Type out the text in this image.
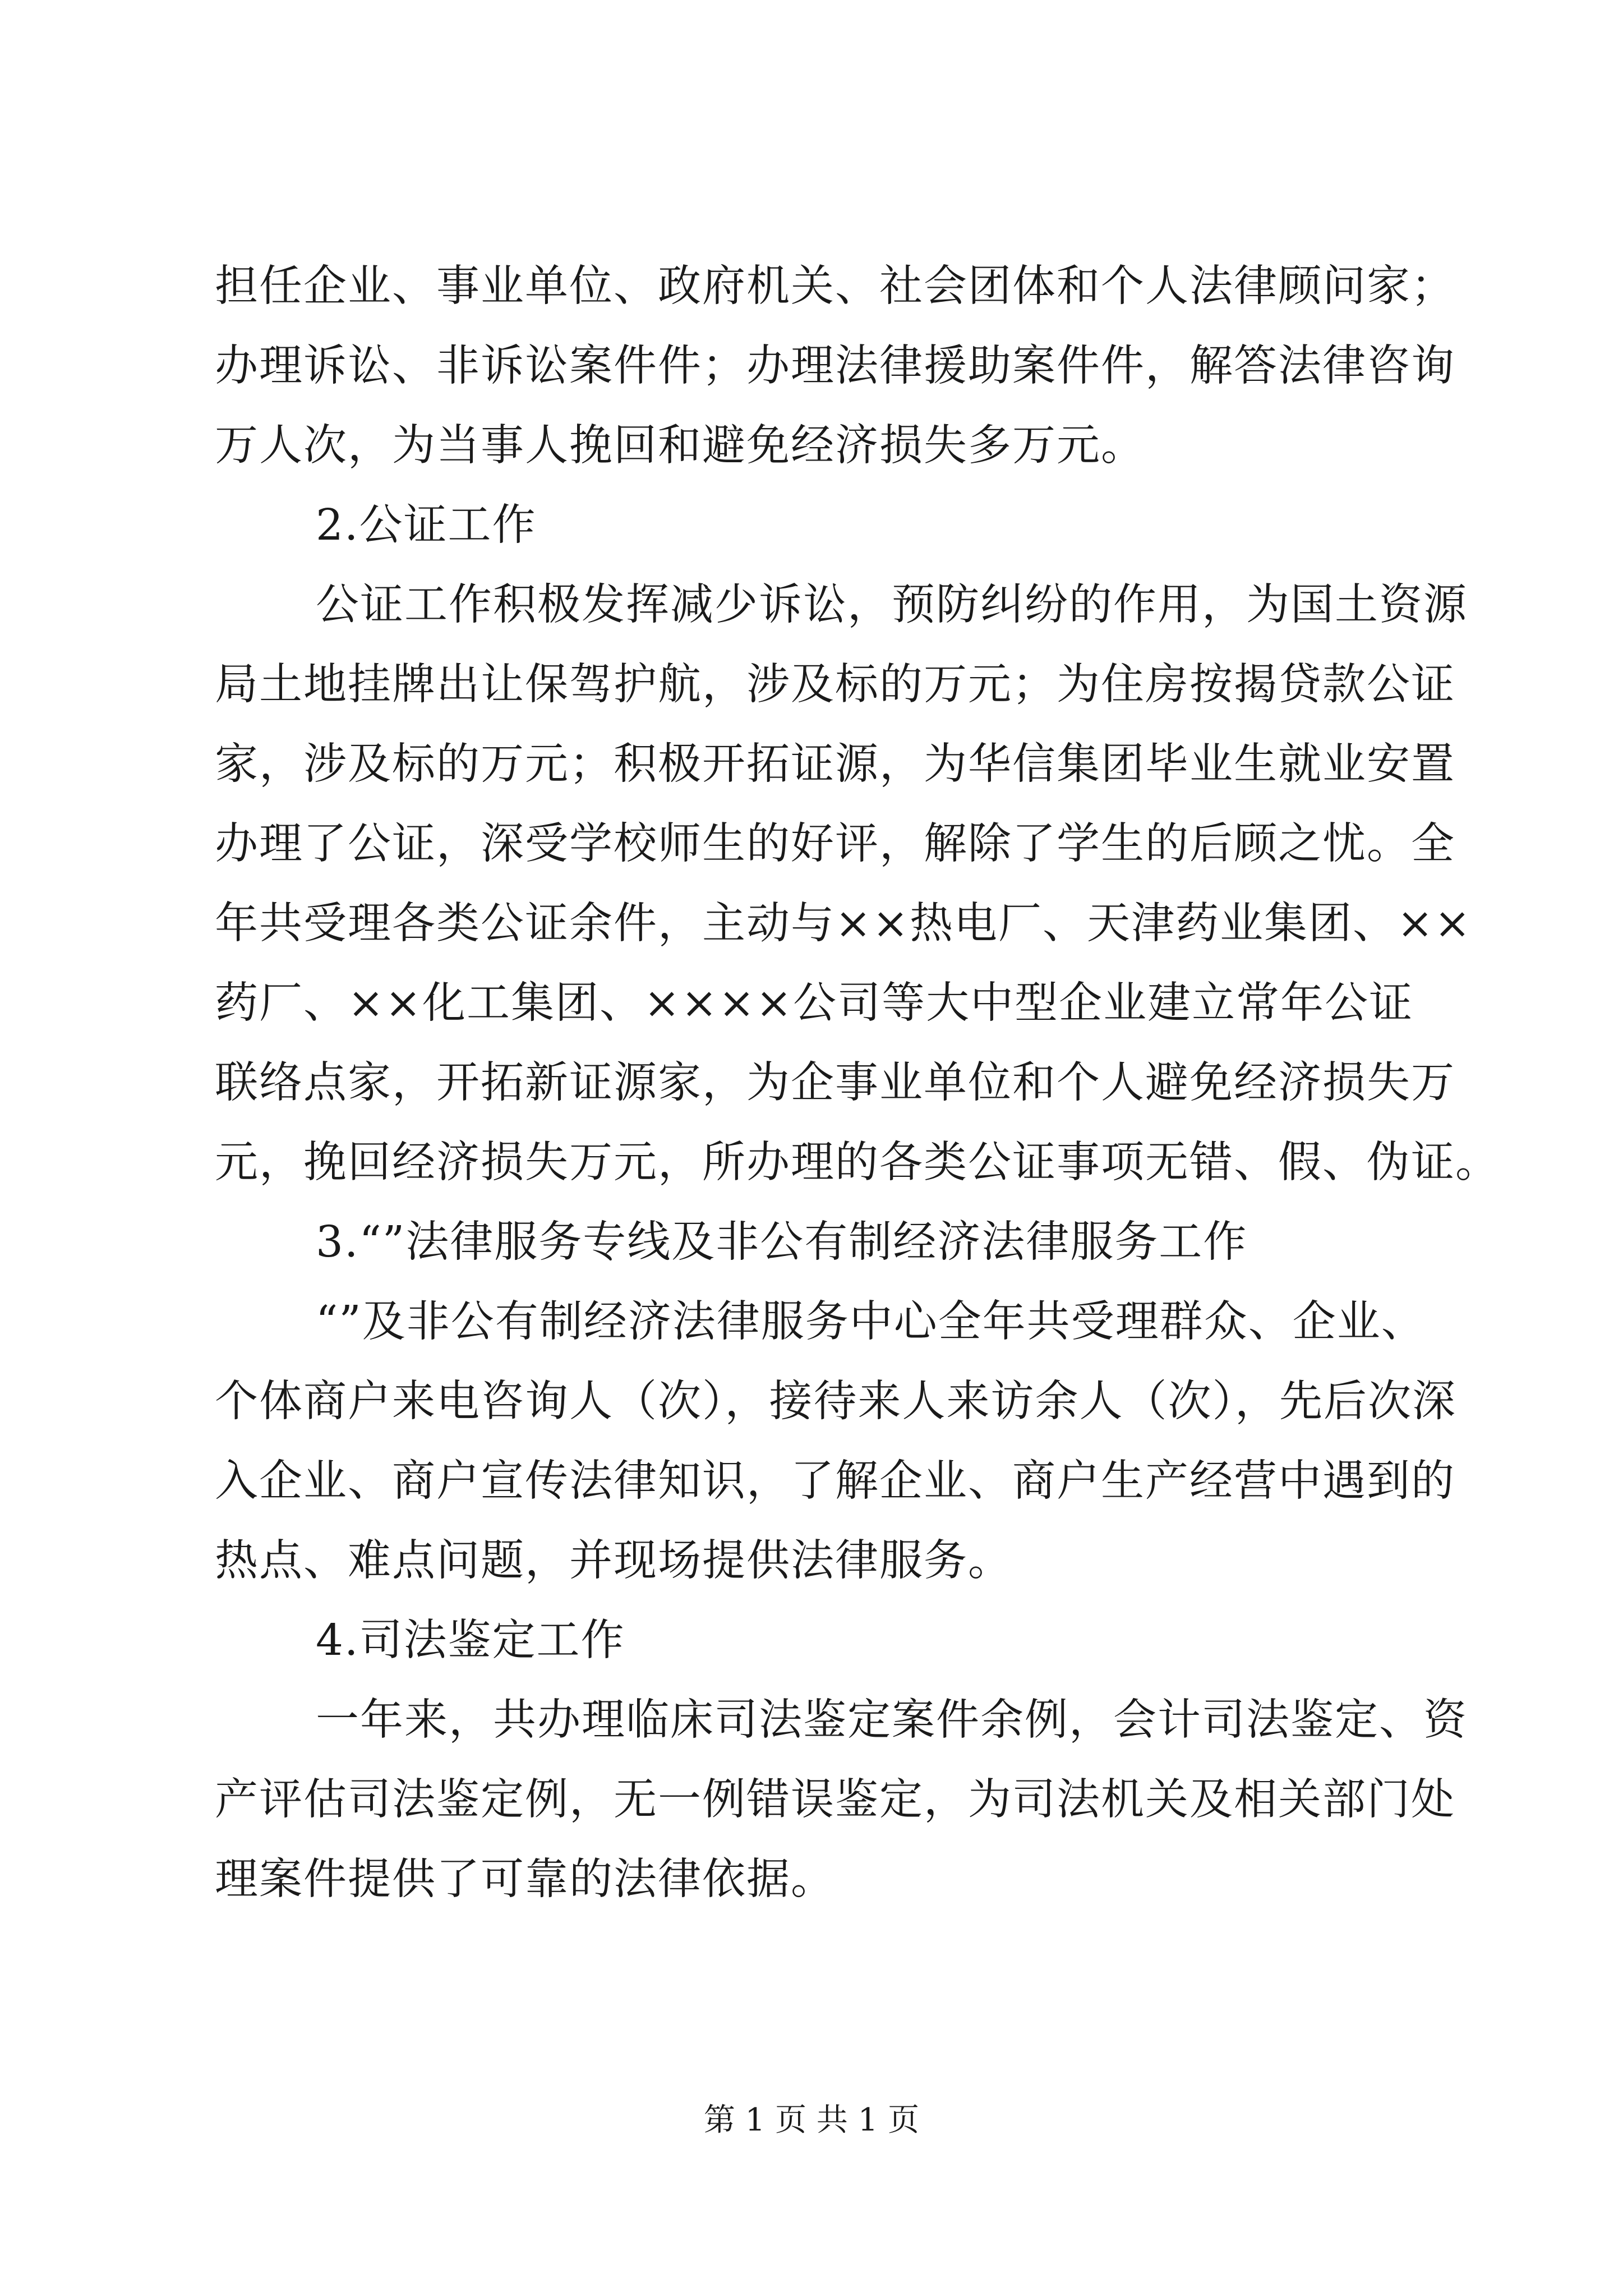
担任企业、事业单位、政府机关、社会团体和个人法律顾问家；
办理诉讼、非诉讼案件件；办理法律援助案件件，解答法律咨询
万人次，为当事人挽回和避免经济损失多万元。
2.公证工作
公证工作积极发挥减少诉讼，预防纠纷的作用，为国土资源
局土地挂牌出让保驾护航，涉及标的万元；为住房按揭贷款公证
家，涉及标的万元；积极开拓证源，为华信集团毕业生就业安置
办理了公证，深受学校师生的好评，解除了学生的后顾之忧。全
年共受理各类公证余件，主动与××热电厂、天津药业集团、××
药厂、××化工集团、××××公司等大中型企业建立常年公证
联络点家，开拓新证源家，为企事业单位和个人避免经济损失万
元，挽回经济损失万元，所办理的各类公证事项无错、假、伪证。
3.“”法律服务专线及非公有制经济法律服务工作
“”及非公有制经济法律服务中心全年共受理群众、企业、
个体商户来电咨询人（次），接待来人来访余人（次），先后次深
入企业、商户宣传法律知识，了解企业、商户生产经营中遇到的
热点、难点问题，并现场提供法律服务。
4.司法鉴定工作
一年来，共办理临床司法鉴定案件余例，会计司法鉴定、资
产评估司法鉴定例，无一例错误鉴定，为司法机关及相关部门处
理案件提供了可靠的法律依据。
第 1 页 共 1 页
